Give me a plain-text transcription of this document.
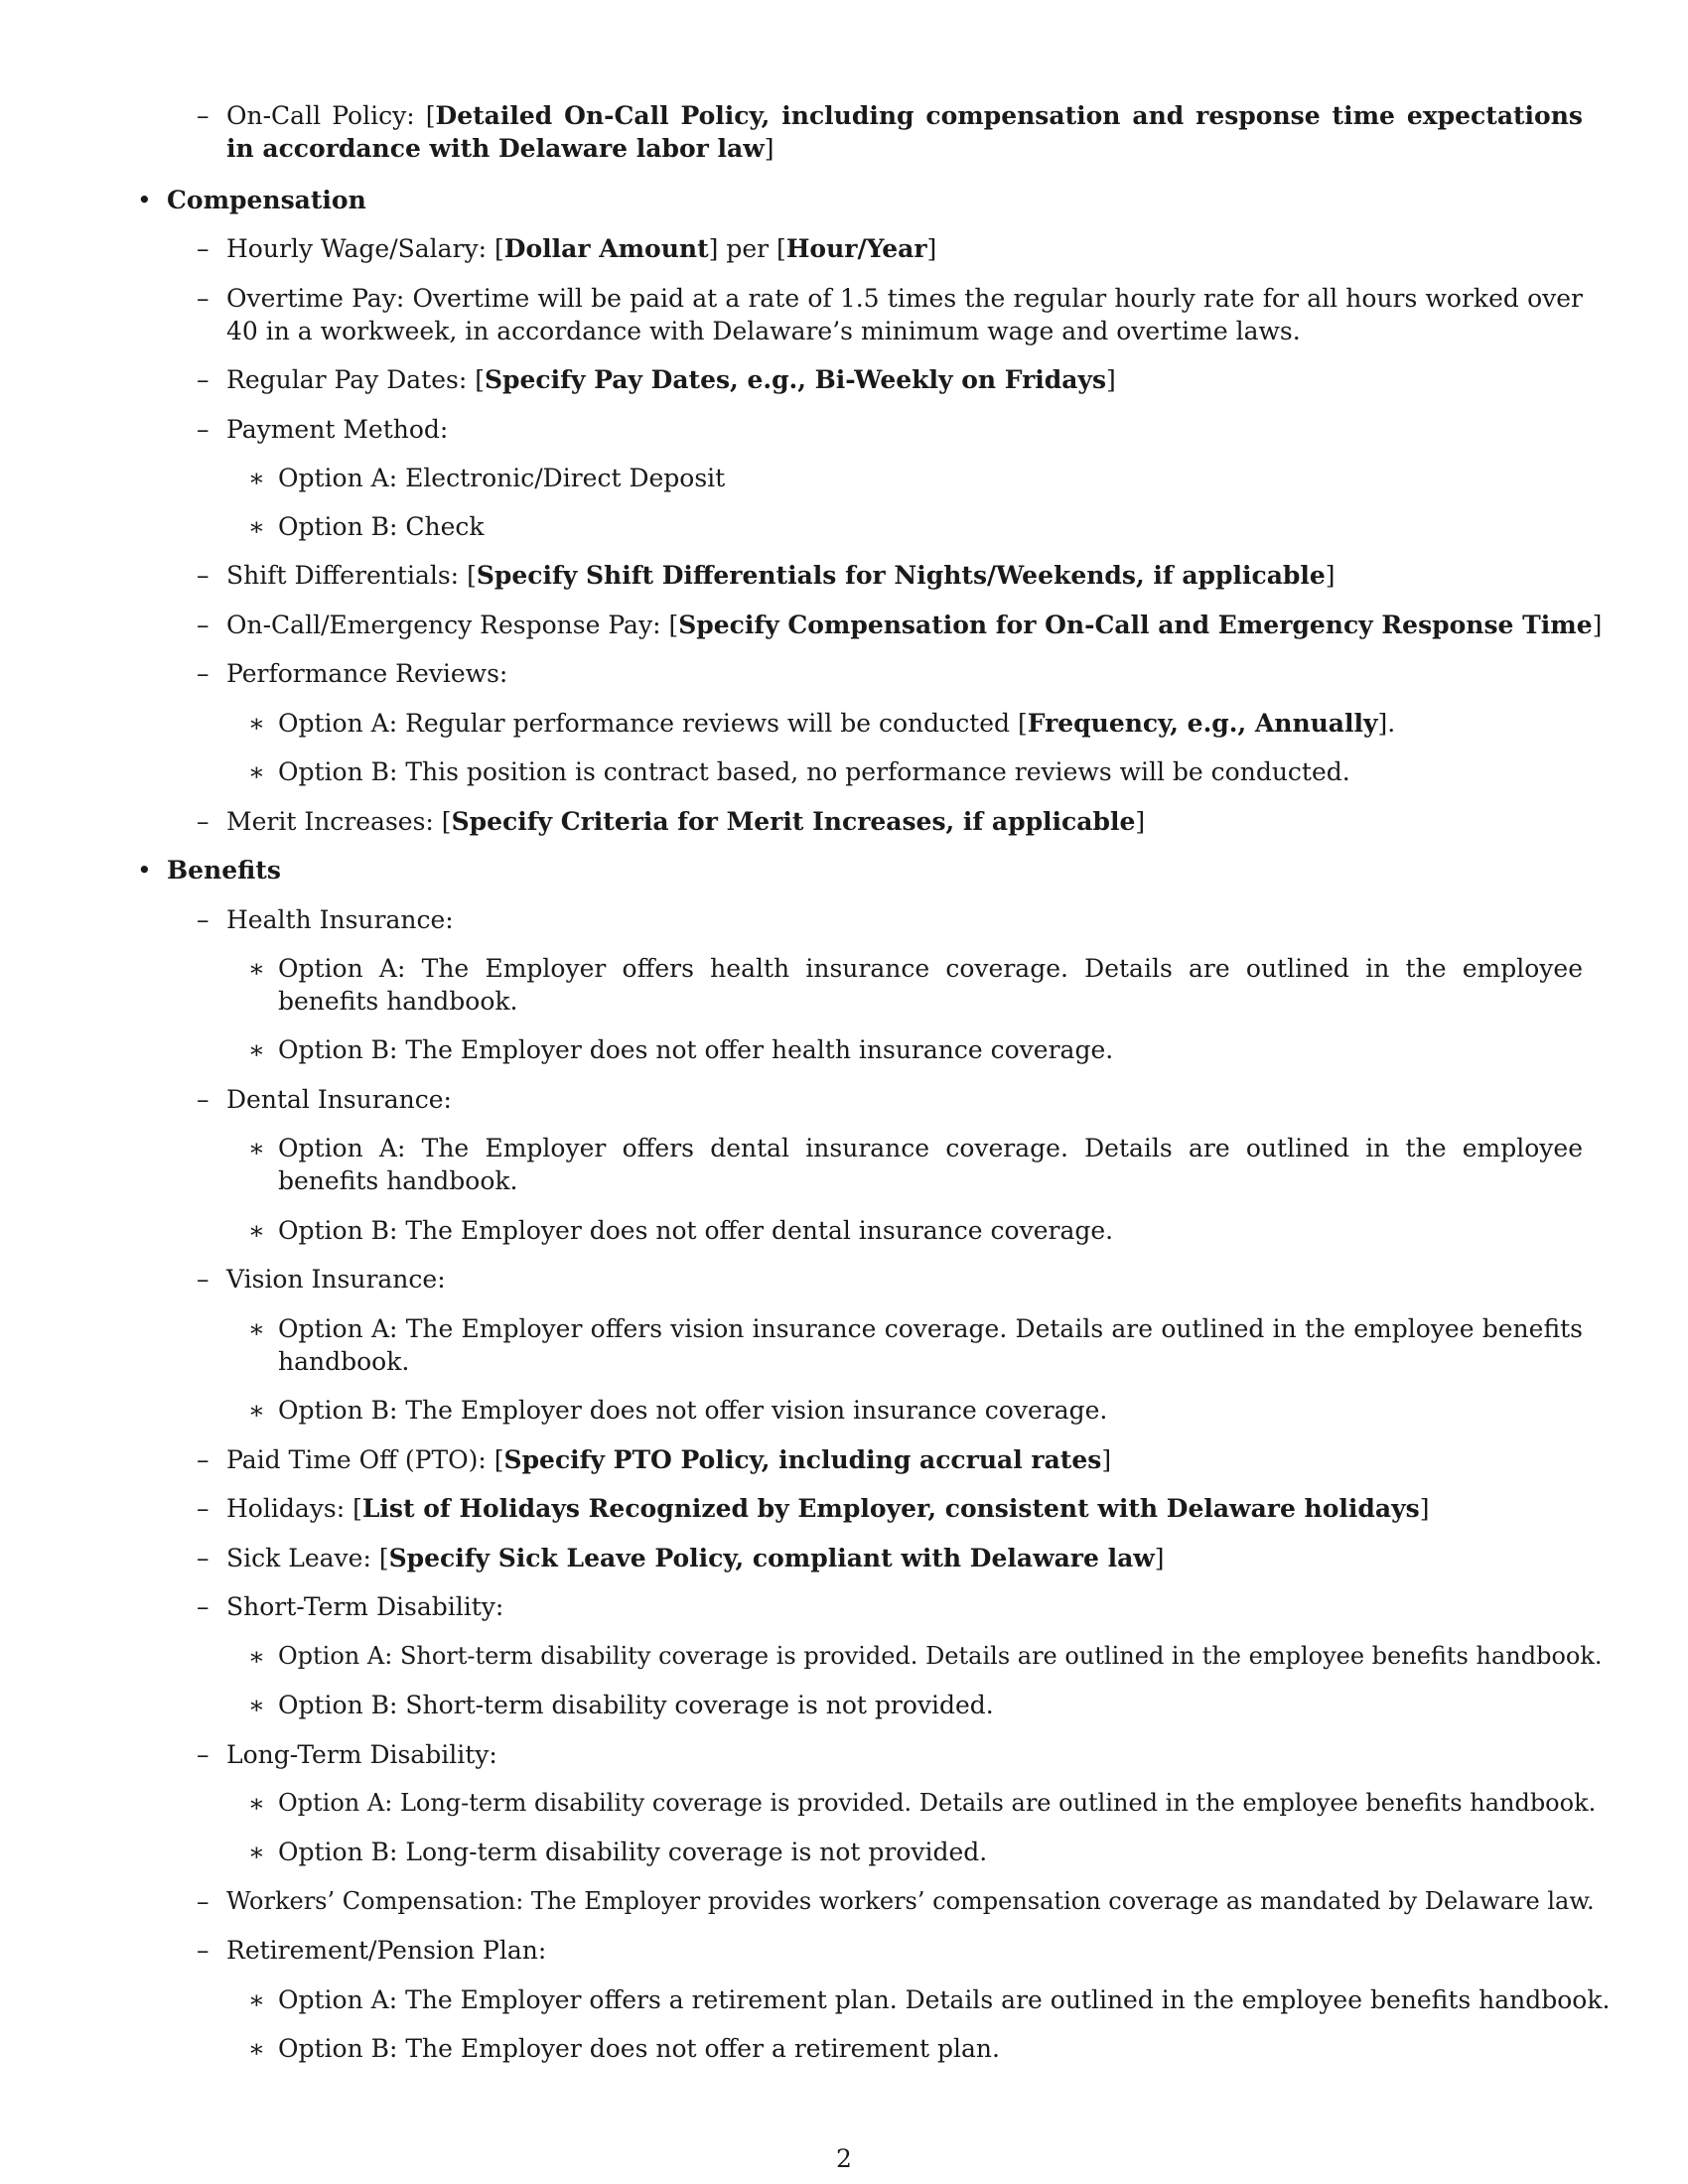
– On-Call Policy: [Detailed On-Call Policy, including compensation and response time expectations in accordance with Delaware labor law]
• Compensation
– Hourly Wage/Salary: [Dollar Amount] per [Hour/Year]
– Overtime Pay: Overtime will be paid at a rate of 1.5 times the regular hourly rate for all hours worked over 40 in a workweek, in accordance with Delaware’s minimum wage and overtime laws.
– Regular Pay Dates: [Specify Pay Dates, e.g., Bi-Weekly on Fridays]
– Payment Method:
∗ Option A: Electronic/Direct Deposit
∗ Option B: Check
– Shift Differentials: [Specify Shift Differentials for Nights/Weekends, if applicable]
– On-Call/Emergency Response Pay: [Specify Compensation for On-Call and Emergency Response Time]
– Performance Reviews:
∗ Option A: Regular performance reviews will be conducted [Frequency, e.g., Annually].
∗ Option B: This position is contract based, no performance reviews will be conducted.
– Merit Increases: [Specify Criteria for Merit Increases, if applicable]
• Benefits
– Health Insurance:
∗ Option A: The Employer offers health insurance coverage. Details are outlined in the employee benefits handbook.
∗ Option B: The Employer does not offer health insurance coverage.
– Dental Insurance:
∗ Option A: The Employer offers dental insurance coverage. Details are outlined in the employee benefits handbook.
∗ Option B: The Employer does not offer dental insurance coverage.
– Vision Insurance:
∗ Option A: The Employer offers vision insurance coverage. Details are outlined in the employee benefits handbook.
∗ Option B: The Employer does not offer vision insurance coverage.
– Paid Time Off (PTO): [Specify PTO Policy, including accrual rates]
– Holidays: [List of Holidays Recognized by Employer, consistent with Delaware holidays]
– Sick Leave: [Specify Sick Leave Policy, compliant with Delaware law]
– Short-Term Disability:
∗ Option A: Short-term disability coverage is provided. Details are outlined in the employee benefits handbook.
∗ Option B: Short-term disability coverage is not provided.
– Long-Term Disability:
∗ Option A: Long-term disability coverage is provided. Details are outlined in the employee benefits handbook.
∗ Option B: Long-term disability coverage is not provided.
– Workers’ Compensation: The Employer provides workers’ compensation coverage as mandated by Delaware law.
– Retirement/Pension Plan:
∗ Option A: The Employer offers a retirement plan. Details are outlined in the employee benefits handbook.
∗ Option B: The Employer does not offer a retirement plan.
2
